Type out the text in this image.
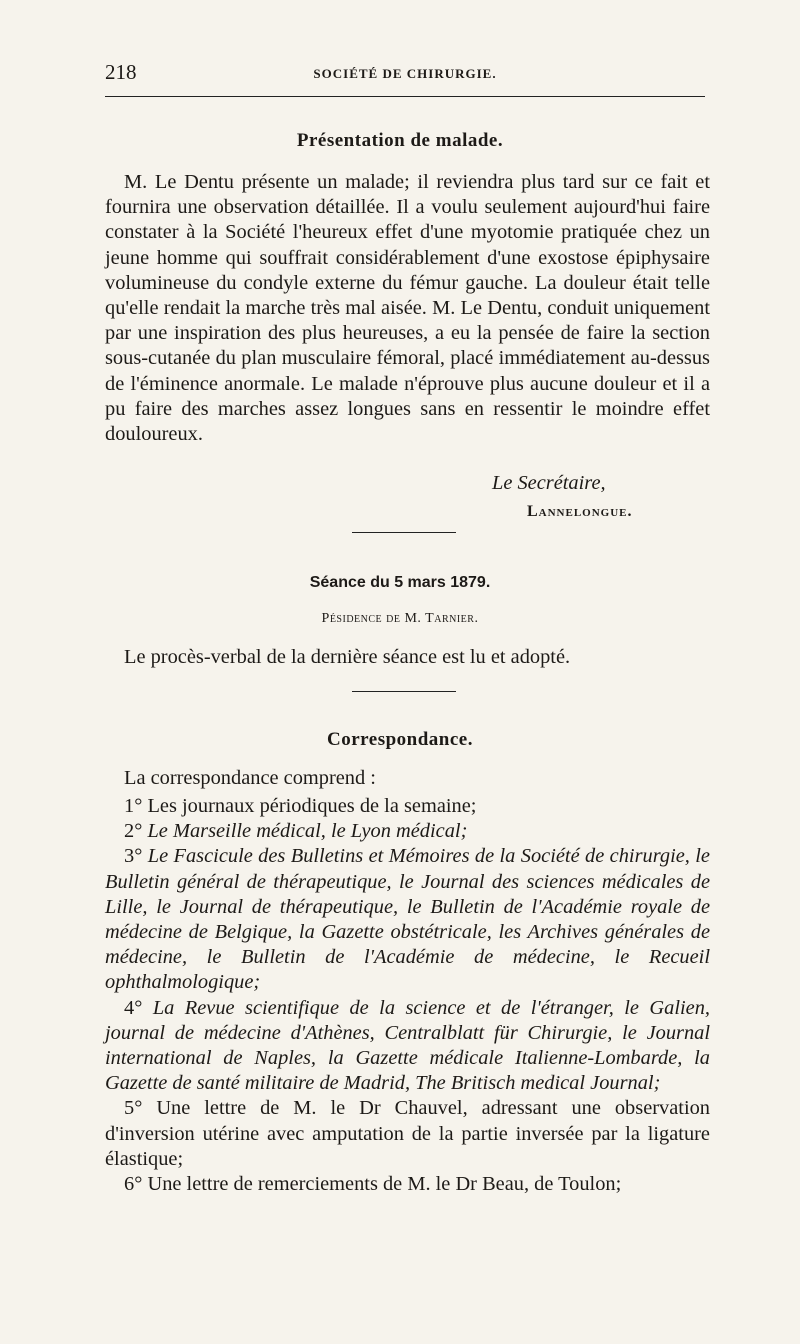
218	SOCIÉTÉ DE CHIRURGIE.
Présentation de malade.

M. Le Dentu présente un malade; il reviendra plus tard sur ce fait et fournira une observation détaillée. Il a voulu seulement aujourd'hui faire constater à la Société l'heureux effet d'une myotomie pratiquée chez un jeune homme qui souffrait considérablement d'une exostose épiphysaire volumineuse du condyle externe du fémur gauche. La douleur était telle qu'elle rendait la marche très mal aisée. M. Le Dentu, conduit uniquement par une inspiration des plus heureuses, a eu la pensée de faire la section sous-cutanée du plan musculaire fémoral, placé immédiatement au-dessus de l'éminence anormale. Le malade n'éprouve plus aucune douleur et il a pu faire des marches assez longues sans en ressentir le moindre effet douloureux.

Le Secrétaire,
Lannelongue.
Séance du 5 mars 1879.
Pésidence de M. Tarnier.

Le procès-verbal de la dernière séance est lu et adopté.

Correspondance.

La correspondance comprend :

1° Les journaux périodiques de la semaine;
2° Le Marseille médical, le Lyon médical;
3° Le Fascicule des Bulletins et Mémoires de la Société de chirurgie, le Bulletin général de thérapeutique, le Journal des sciences médicales de Lille, le Journal de thérapeutique, le Bulletin de l'Académie royale de médecine de Belgique, la Gazette obstétricale, les Archives générales de médecine, le Bulletin de l'Académie de médecine, le Recueil ophthalmologique;
4° La Revue scientifique de la science et de l'étranger, le Galien, journal de médecine d'Athènes, Centralblatt für Chirurgie, le Journal international de Naples, la Gazette médicale Italienne-Lombarde, la Gazette de santé militaire de Madrid, The Britisch medical Journal;
5° Une lettre de M. le Dr Chauvel, adressant une observation d'inversion utérine avec amputation de la partie inversée par la ligature élastique;
6° Une lettre de remerciements de M. le Dr Beau, de Toulon;
